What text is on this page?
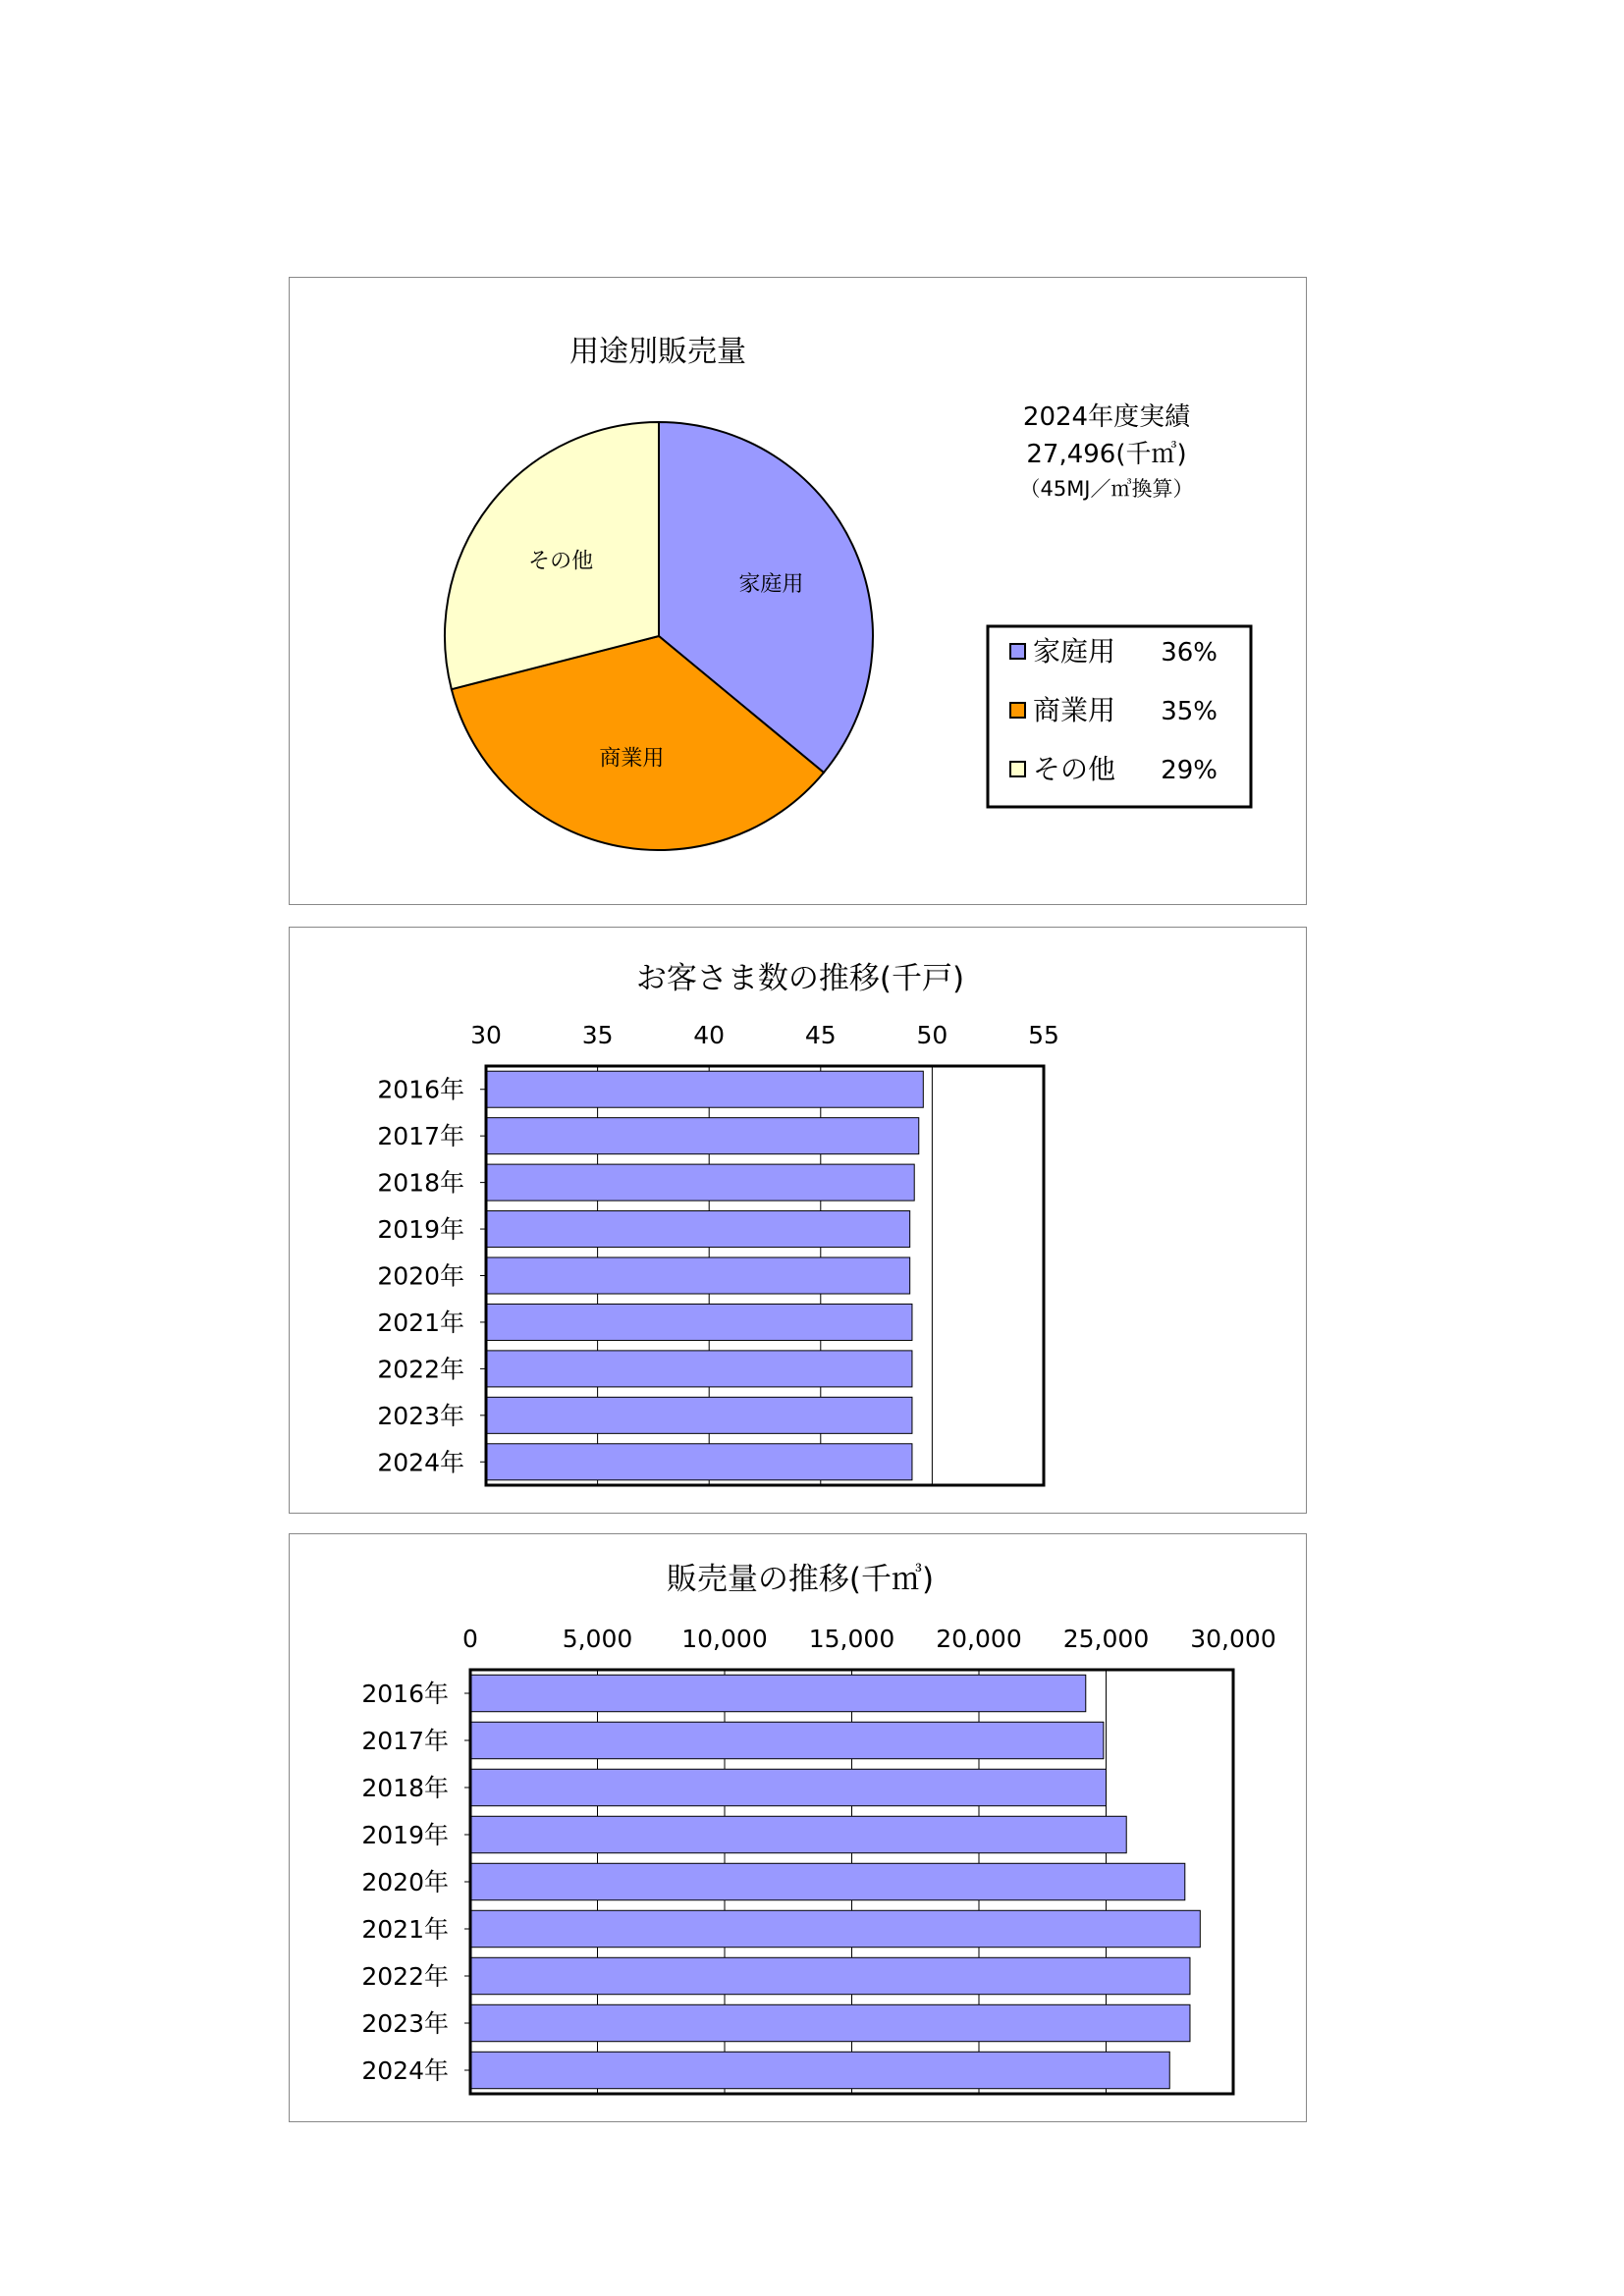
用途別販売量
2024年度実績
27,496(千㎥)
（45MJ／㎥換算）
家庭用
商業用
その他
家庭用 36%
商業用 35%
その他 29%
お客さま数の推移(千戸)
30	35	40	45	50	55
2016年
2017年
2018年
2019年
2020年
2021年
2022年
2023年
2024年
販売量の推移(千㎥)
0	5,000 10,000 15,000 20,000 25,000 30,000
2016年
2017年
2018年
2019年
2020年
2021年
2022年
2023年
2024年
